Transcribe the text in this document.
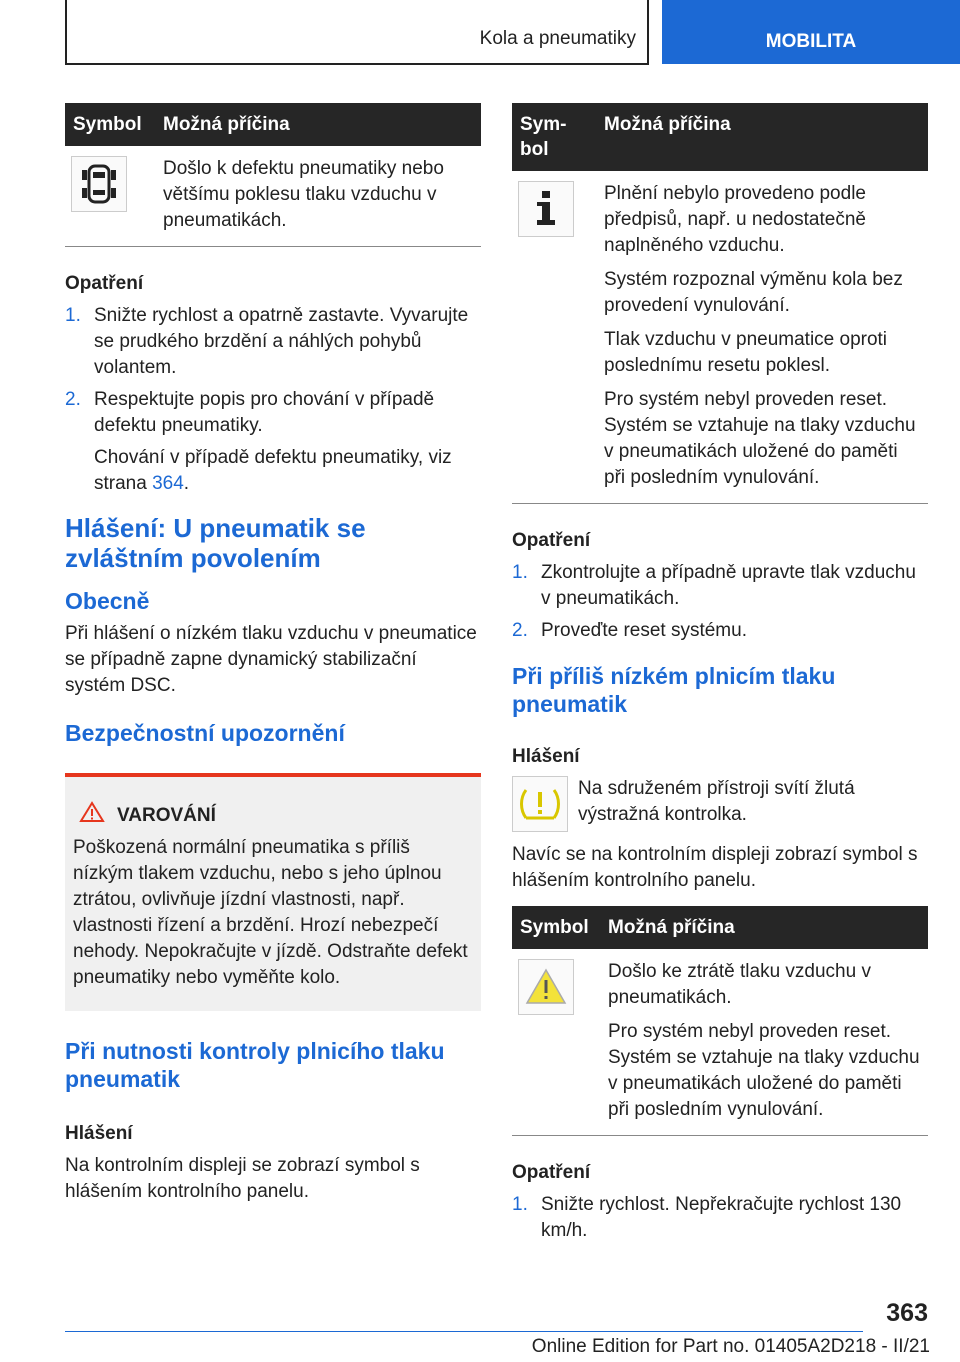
Kola a pneumatiky	MOBILITA
Symbol	Možná příčina

	Došlo k defektu pneumatiky nebo většímu poklesu tlaku vzduchu v pneumatikách.
Opatření
1. Snižte rychlost a opatrně zastavte. Vyvarujte se prudkého brzdění a náhlých pohybů volantem.
2. Respektujte popis pro chování v případě defektu pneumatiky.
Chování v případě defektu pneumatiky, viz strana 364.
Hlášení: U pneumatik se zvláštním povolením
Obecně

Při hlášení o nízkém tlaku vzduchu v pneumatice se případně zapne dynamický stabilizační systém DSC.

Bezpečnostní upozornění
VAROVÁNÍ

Poškozená normální pneumatika s příliš nízkým tlakem vzduchu, nebo s jeho úplnou ztrátou, ovlivňuje jízdní vlastnosti, např. vlastnosti řízení a brzdění. Hrozí nebezpečí nehody. Nepokračujte v jízdě. Odstraňte defekt pneumatiky nebo vyměňte kolo.

Při nutnosti kontroly plnicího tlaku pneumatik
Hlášení

Na kontrolním displeji se zobrazí symbol s hlášením kontrolního panelu.

Sym-bol	Možná příčina

Plnění nebylo provedeno podle předpisů, např. u nedostatečně naplněného vzduchu.

Systém rozpoznal výměnu kola bez provedení vynulování.

Tlak vzduchu v pneumatice oproti poslednímu resetu poklesl.

Pro systém nebyl proveden reset. Systém se vztahuje na tlaky vzduchu v pneumatikách uložené do paměti při posledním vynulování.

Opatření
1. Zkontrolujte a případně upravte tlak vzduchu v pneumatikách.
2. Proveďte reset systému.
Při příliš nízkém plnicím tlaku pneumatik
Hlášení

Na sdruženém přístroji svítí žlutá výstražná kontrolka.

Navíc se na kontrolním displeji zobrazí symbol s hlášením kontrolního panelu.

Symbol	Možná příčina

Došlo ke ztrátě tlaku vzduchu v pneumatikách.

Pro systém nebyl proveden reset. Systém se vztahuje na tlaky vzduchu v pneumatikách uložené do paměti při posledním vynulování.

Opatření
1. Snižte rychlost. Nepřekračujte rychlost 130 km/h.
363
Online Edition for Part no. 01405A2D218 - II/21
